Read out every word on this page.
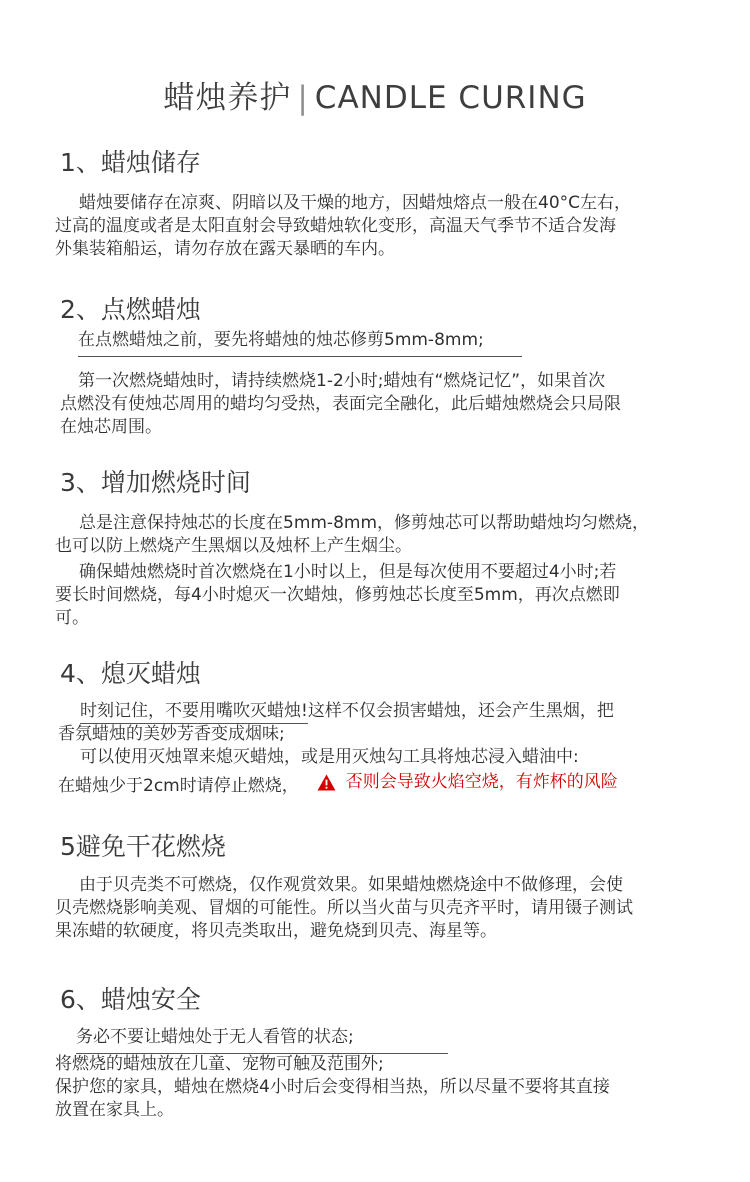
蜡烛养护 | CANDLE CURING
1、蜡烛储存
蜡烛要储存在凉爽、阴暗以及干燥的地方，因蜡烛熔点一般在40°C左右，
过高的温度或者是太阳直射会导致蜡烛软化变形，高温天气季节不适合发海
外集装箱船运，请勿存放在露天暴晒的车内。
2、点燃蜡烛
在点燃蜡烛之前，要先将蜡烛的烛芯修剪5mm-8mm;
第一次燃烧蜡烛时，请持续燃烧1-2小时;蜡烛有“燃烧记忆”，如果首次
点燃没有使烛芯周用的蜡均匀受热，表面完全融化，此后蜡烛燃烧会只局限
在烛芯周围。
3、增加燃烧时间
总是注意保持烛芯的长度在5mm-8mm，修剪烛芯可以帮助蜡烛均匀燃烧，
也可以防上燃烧产生黑烟以及烛杯上产生烟尘。
确保蜡烛燃烧时首次燃烧在1小时以上，但是每次使用不要超过4小时;若
要长时间燃烧，每4小时熄灭一次蜡烛，修剪烛芯长度至5mm，再次点燃即
可。
4、熄灭蜡烛
时刻记住，不要用嘴吹灭蜡烛!这样不仅会损害蜡烛，还会产生黑烟，把
香氛蜡烛的美妙芳香变成烟味;
可以使用灭烛罩来熄灭蜡烛，或是用灭烛勾工具将烛芯浸入蜡油中:
在蜡烛少于2cm时请停止燃烧，	否则会导致火焰空烧，有炸杯的风险
5避免干花燃烧
由于贝壳类不可燃烧，仅作观赏效果。如果蜡烛燃烧途中不做修理，会使
贝壳燃烧影响美观、冒烟的可能性。所以当火苗与贝壳齐平时，请用镊子测试
果冻蜡的软硬度，将贝壳类取出，避免烧到贝壳、海星等。
6、蜡烛安全
务必不要让蜡烛处于无人看管的状态;
将燃烧的蜡烛放在儿童、宠物可触及范围外;
保护您的家具，蜡烛在燃烧4小时后会变得相当热，所以尽量不要将其直接
放置在家具上。
